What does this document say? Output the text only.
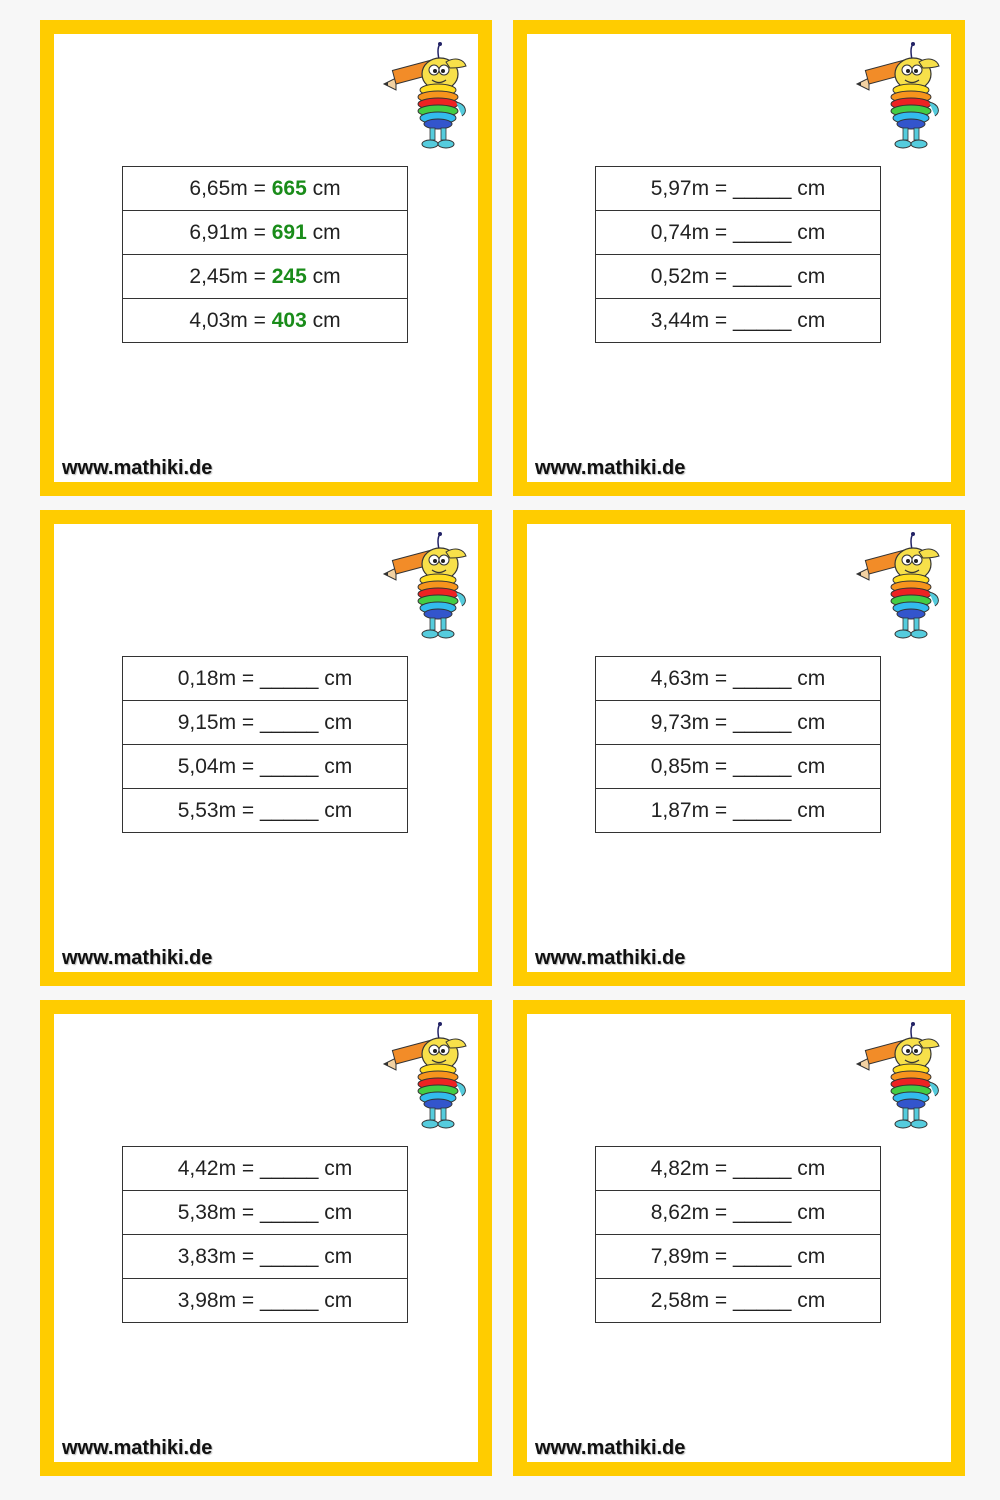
6,65m = 665 cm
6,91m = 691 cm
2,45m = 245 cm
4,03m = 403 cm
www.mathiki.de
5,97m = _____ cm
0,74m = _____ cm
0,52m = _____ cm
3,44m = _____ cm
www.mathiki.de
0,18m = _____ cm
9,15m = _____ cm
5,04m = _____ cm
5,53m = _____ cm
www.mathiki.de
4,63m = _____ cm
9,73m = _____ cm
0,85m = _____ cm
1,87m = _____ cm
www.mathiki.de
4,42m = _____ cm
5,38m = _____ cm
3,83m = _____ cm
3,98m = _____ cm
www.mathiki.de
4,82m = _____ cm
8,62m = _____ cm
7,89m = _____ cm
2,58m = _____ cm
www.mathiki.de
